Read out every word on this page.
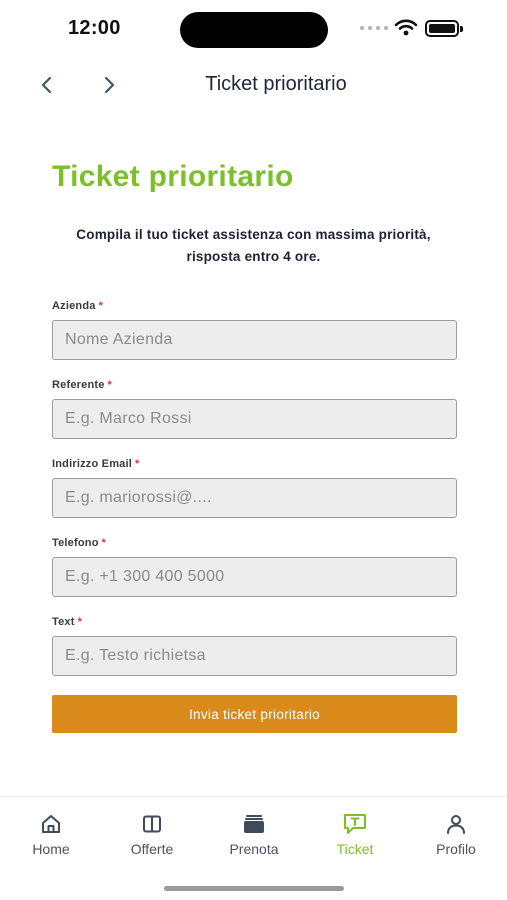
12:00
Ticket prioritario
Ticket prioritario

Compila il tuo ticket assistenza con massima priorità, risposta entro 4 ore.

Azienda *
Nome Azienda
Referente *
E.g. Marco Rossi
Indirizzo Email *
E.g. mariorossi@....
Telefono *
E.g. +1 300 400 5000
Text *
E.g. Testo richietsa
Invia ticket prioritario
Home	Offerte	Prenota	Ticket	Profilo
